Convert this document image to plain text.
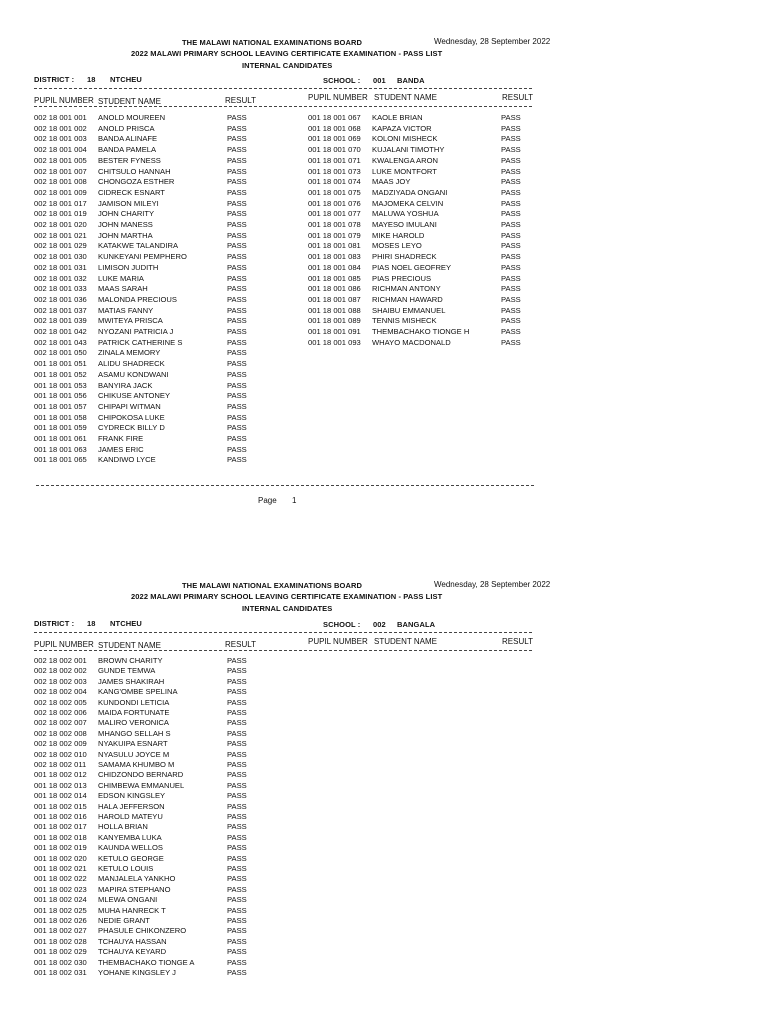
THE MALAWI NATIONAL EXAMINATIONS BOARD	Wednesday, 28 September 2022
2022 MALAWI PRIMARY SCHOOL LEAVING CERTIFICATE EXAMINATION - PASS LIST
INTERNAL CANDIDATES
DISTRICT : 18 NTCHEU	SCHOOL : 001 BANDA
PUPIL NUMBER STUDENT NAME	RESULT	PUPIL NUMBER STUDENT NAME	RESULT
002 18 001 001 ANOLD MOUREEN	PASS
002 18 001 002 ANOLD PRISCA	PASS
002 18 001 003 BANDA ALINAFE	PASS
002 18 001 004 BANDA PAMELA	PASS
002 18 001 005 BESTER FYNESS	PASS
002 18 001 007 CHITSULO HANNAH	PASS
002 18 001 008 CHONGOZA ESTHER	PASS
002 18 001 009 CIDRECK ESNART	PASS
002 18 001 017 JAMISON MILEYI	PASS
002 18 001 019 JOHN CHARITY	PASS
002 18 001 020 JOHN MANESS	PASS
002 18 001 021 JOHN MARTHA	PASS
002 18 001 029 KATAKWE TALANDIRA	PASS
002 18 001 030 KUNKEYANI PEMPHERO	PASS
002 18 001 031 LIMISON JUDITH	PASS
002 18 001 032 LUKE MARIA	PASS
002 18 001 033 MAAS SARAH	PASS
002 18 001 036 MALONDA PRECIOUS	PASS
002 18 001 037 MATIAS FANNY	PASS
002 18 001 039 MWITEYA PRISCA	PASS
002 18 001 042 NYOZANI PATRICIA J	PASS
002 18 001 043 PATRICK CATHERINE S	PASS
002 18 001 050 ZINALA MEMORY	PASS
001 18 001 051 ALIDU SHADRECK	PASS
001 18 001 052 ASAMU KONDWANI	PASS
001 18 001 053 BANYIRA JACK	PASS
001 18 001 056 CHIKUSE ANTONEY	PASS
001 18 001 057 CHIPAPI WITMAN	PASS
001 18 001 058 CHIPOKOSA LUKE	PASS
001 18 001 059 CYDRECK BILLY D	PASS
001 18 001 061 FRANK FIRE	PASS
001 18 001 063 JAMES ERIC	PASS
001 18 001 065 KANDIWO LYCE	PASS
001 18 001 067 KAOLE BRIAN	PASS
001 18 001 068 KAPAZA VICTOR	PASS
001 18 001 069 KOLONI MISHECK	PASS
001 18 001 070 KUJALANI TIMOTHY	PASS
001 18 001 071 KWALENGA ARON	PASS
001 18 001 073 LUKE MONTFORT	PASS
001 18 001 074 MAAS JOY	PASS
001 18 001 075 MADZIYADA ONGANI	PASS
001 18 001 076 MAJOMEKA CELVIN	PASS
001 18 001 077 MALUWA YOSHUA	PASS
001 18 001 078 MAYESO IMULANI	PASS
001 18 001 079 MIKE HAROLD	PASS
001 18 001 081 MOSES LEYO	PASS
001 18 001 083 PHIRI SHADRECK	PASS
001 18 001 084 PIAS NOEL GEOFREY	PASS
001 18 001 085 PIAS PRECIOUS	PASS
001 18 001 086 RICHMAN ANTONY	PASS
001 18 001 087 RICHMAN HAWARD	PASS
001 18 001 088 SHAIBU EMMANUEL	PASS
001 18 001 089 TENNIS MISHECK	PASS
001 18 001 091 THEMBACHAKO TIONGE H	PASS
001 18 001 093 WHAYO MACDONALD	PASS
Page 1
THE MALAWI NATIONAL EXAMINATIONS BOARD	Wednesday, 28 September 2022
2022 MALAWI PRIMARY SCHOOL LEAVING CERTIFICATE EXAMINATION - PASS LIST
INTERNAL CANDIDATES
DISTRICT : 18 NTCHEU	SCHOOL : 002 BANGALA
PUPIL NUMBER STUDENT NAME	RESULT	PUPIL NUMBER STUDENT NAME	RESULT
002 18 002 001 BROWN CHARITY	PASS
002 18 002 002 GUNDE TEMWA	PASS
002 18 002 003 JAMES SHAKIRAH	PASS
002 18 002 004 KANG'OMBE SPELINA	PASS
002 18 002 005 KUNDONDI LETICIA	PASS
002 18 002 006 MAIDA FORTUNATE	PASS
002 18 002 007 MALIRO VERONICA	PASS
002 18 002 008 MHANGO SELLAH S	PASS
002 18 002 009 NYAKUIPA ESNART	PASS
002 18 002 010 NYASULU JOYCE M	PASS
002 18 002 011 SAMAMA KHUMBO M	PASS
001 18 002 012 CHIDZONDO BERNARD	PASS
001 18 002 013 CHIMBEWA EMMANUEL	PASS
001 18 002 014 EDSON KINGSLEY	PASS
001 18 002 015 HALA JEFFERSON	PASS
001 18 002 016 HAROLD MATEYU	PASS
001 18 002 017 HOLLA BRIAN	PASS
001 18 002 018 KANYEMBA LUKA	PASS
001 18 002 019 KAUNDA WELLOS	PASS
001 18 002 020 KETULO GEORGE	PASS
001 18 002 021 KETULO LOUIS	PASS
001 18 002 022 MANJALELA YANKHO	PASS
001 18 002 023 MAPIRA STEPHANO	PASS
001 18 002 024 MLEWA ONGANI	PASS
001 18 002 025 MUHA HANRECK T	PASS
001 18 002 026 NEDIE GRANT	PASS
001 18 002 027 PHASULE CHIKONZERO	PASS
001 18 002 028 TCHAUYA HASSAN	PASS
001 18 002 029 TCHAUYA KEYARD	PASS
001 18 002 030 THEMBACHAKO TIONGE A	PASS
001 18 002 031 YOHANE KINGSLEY J	PASS
